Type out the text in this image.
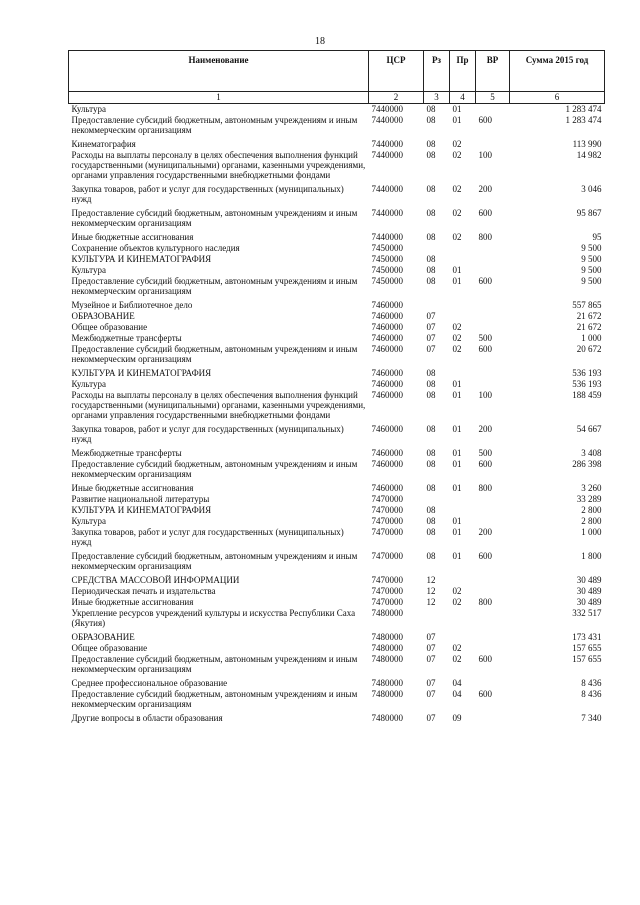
18
Наименование	ЦСР	Рз	Пр	ВР	Сумма 2015 год
1	2	3	4	5	6
Культура	7440000	08	01		1 283 474
Предоставление субсидий бюджетным, автономным учреждениям и иным некоммерческим организациям	7440000	08	01	600	1 283 474
Кинематография	7440000	08	02		113 990
Расходы на выплаты персоналу в целях обеспечения выполнения функций государственными (муниципальными) органами, казенными учреждениями, органами управления государственными внебюджетными фондами	7440000	08	02	100	14 982
Закупка товаров, работ и услуг для государственных (муниципальных) нужд	7440000	08	02	200	3 046
Предоставление субсидий бюджетным, автономным учреждениям и иным некоммерческим организациям	7440000	08	02	600	95 867
Иные бюджетные ассигнования	7440000	08	02	800	95
Сохранение объектов культурного наследия	7450000				9 500
КУЛЬТУРА И КИНЕМАТОГРАФИЯ	7450000	08			9 500
Культура	7450000	08	01		9 500
Предоставление субсидий бюджетным, автономным учреждениям и иным некоммерческим организациям	7450000	08	01	600	9 500
Музейное и Библиотечное дело	7460000				557 865
ОБРАЗОВАНИЕ	7460000	07			21 672
Общее образование	7460000	07	02		21 672
Межбюджетные трансферты	7460000	07	02	500	1 000
Предоставление субсидий бюджетным, автономным учреждениям и иным некоммерческим организациям	7460000	07	02	600	20 672
КУЛЬТУРА И КИНЕМАТОГРАФИЯ	7460000	08			536 193
Культура	7460000	08	01		536 193
Расходы на выплаты персоналу в целях обеспечения выполнения функций государственными (муниципальными) органами, казенными учреждениями, органами управления государственными внебюджетными фондами	7460000	08	01	100	188 459
Закупка товаров, работ и услуг для государственных (муниципальных) нужд	7460000	08	01	200	54 667
Межбюджетные трансферты	7460000	08	01	500	3 408
Предоставление субсидий бюджетным, автономным учреждениям и иным некоммерческим организациям	7460000	08	01	600	286 398
Иные бюджетные ассигнования	7460000	08	01	800	3 260
Развитие национальной литературы	7470000				33 289
КУЛЬТУРА И КИНЕМАТОГРАФИЯ	7470000	08			2 800
Культура	7470000	08	01		2 800
Закупка товаров, работ и услуг для государственных (муниципальных) нужд	7470000	08	01	200	1 000
Предоставление субсидий бюджетным, автономным учреждениям и иным некоммерческим организациям	7470000	08	01	600	1 800
СРЕДСТВА МАССОВОЙ ИНФОРМАЦИИ	7470000	12			30 489
Периодическая печать и издательства	7470000	12	02		30 489
Иные бюджетные ассигнования	7470000	12	02	800	30 489
Укрепление ресурсов учреждений культуры и искусства Республики Саха (Якутия)	7480000				332 517
ОБРАЗОВАНИЕ	7480000	07			173 431
Общее образование	7480000	07	02		157 655
Предоставление субсидий бюджетным, автономным учреждениям и иным некоммерческим организациям	7480000	07	02	600	157 655
Среднее профессиональное образование	7480000	07	04		8 436
Предоставление субсидий бюджетным, автономным учреждениям и иным некоммерческим организациям	7480000	07	04	600	8 436
Другие вопросы в области образования	7480000	07	09		7 340
